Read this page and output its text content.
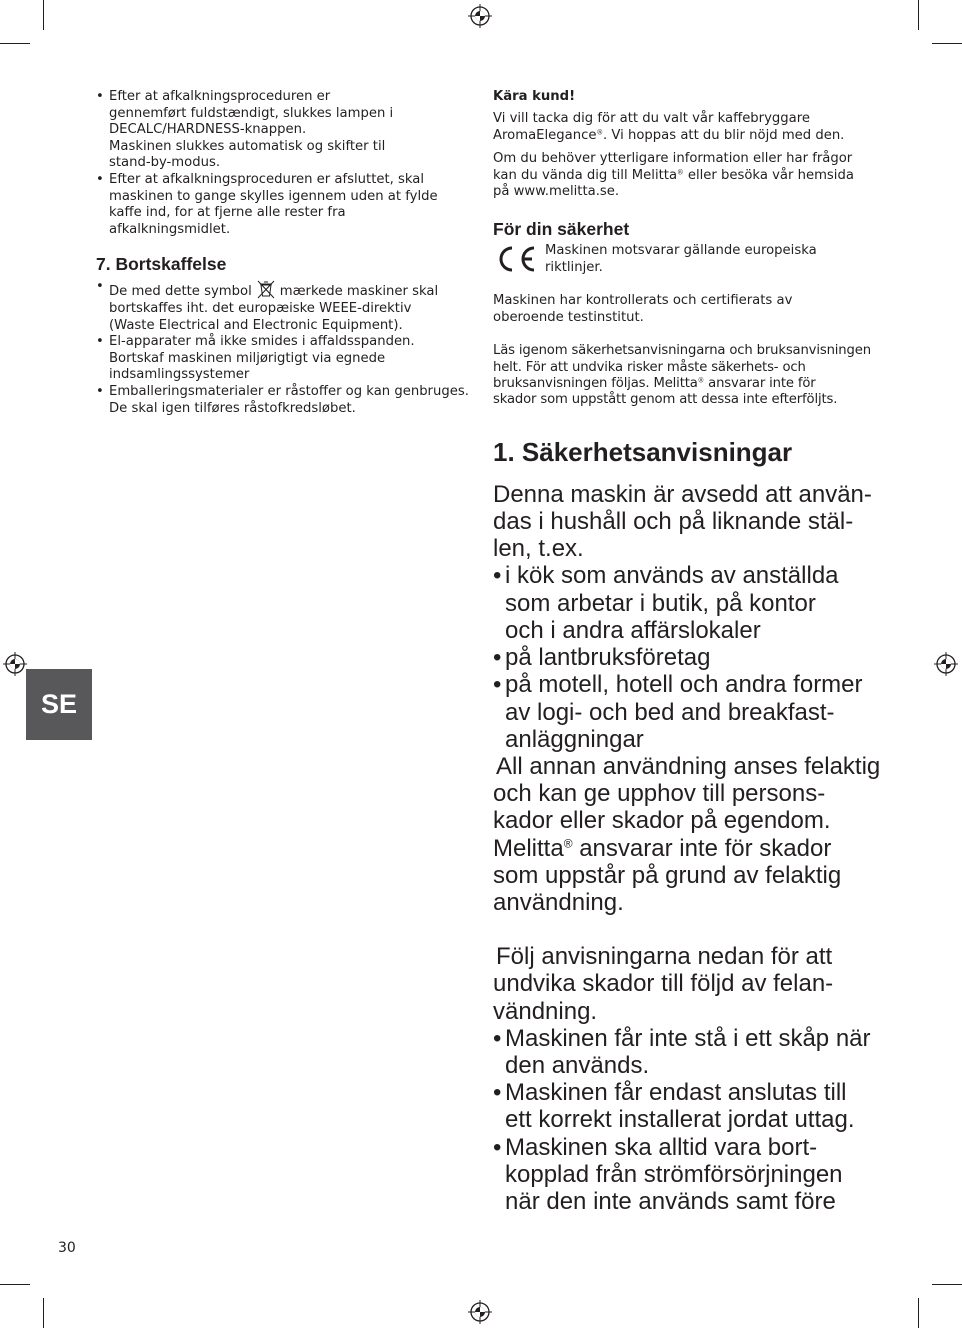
• Efter at afkalkningsproceduren er
gennemført fuldstændigt, slukkes lampen i
DECALC/HARDNESS-knappen.
Maskinen slukkes automatisk og skifter til
stand-by-modus.
• Efter at afkalkningsproceduren er afsluttet, skal
maskinen to gange skylles igennem uden at fylde
kaffe ind, for at fjerne alle rester fra
afkalkningsmidlet.
7. Bortskaffelse
• De med dette symbol mærkede maskiner skal
bortskaffes iht. det europæiske WEEE-direktiv
(Waste Electrical and Electronic Equipment).
• El-apparater må ikke smides i affaldsspanden.
Bortskaf maskinen miljørigtigt via egnede
indsamlingssystemer
• Emballeringsmaterialer er råstoffer og kan genbruges.
De skal igen tilføres råstofkredsløbet.

Kära kund!

Vi vill tacka dig för att du valt vår kaffebryggare
AromaElegance®. Vi hoppas att du blir nöjd med den.

Om du behöver ytterligare information eller har frågor
kan du vända dig till Melitta® eller besöka vår hemsida
på www.melitta.se.

För din säkerhet
Maskinen motsvarar gällande europeiska
riktlinjer.

Maskinen har kontrollerats och certifierats av
oberoende testinstitut.

Läs igenom säkerhetsanvisningarna och bruksanvisningen
helt. För att undvika risker måste säkerhets- och
bruksanvisningen följas. Melitta® ansvarar inte för
skador som uppstått genom att dessa inte efterföljts.

1. Säkerhetsanvisningar
Denna maskin är avsedd att använ-
das i hushåll och på liknande stäl-
len, t.ex.
• i kök som används av anställda
som arbetar i butik, på kontor
och i andra affärslokaler
• på lantbruksföretag
• på motell, hotell och andra former
av logi- och bed and breakfast-
anläggningar
All annan användning anses felaktig
och kan ge upphov till persons-
kador eller skador på egendom.
Melitta® ansvarar inte för skador
som uppstår på grund av felaktig
användning.
Följ anvisningarna nedan för att
undvika skador till följd av felan-
vändning.
• Maskinen får inte stå i ett skåp när
den används.
• Maskinen får endast anslutas till
ett korrekt installerat jordat uttag.
• Maskinen ska alltid vara bort-
kopplad från strömförsörjningen
när den inte används samt före
SE
30
